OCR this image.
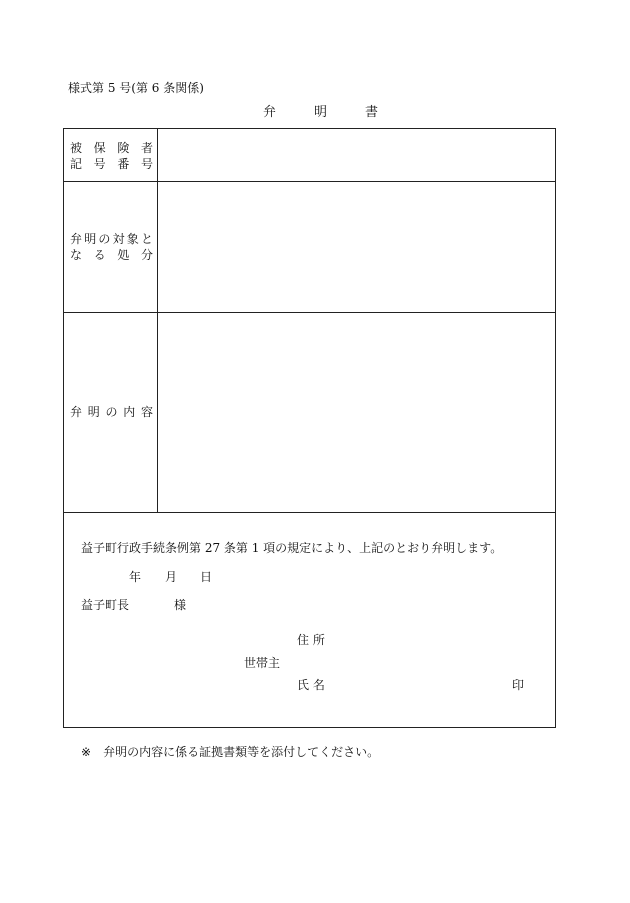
様式第 5 号(第 6 条関係)
弁	明	書
被 保 険 者
記 号 番 号
弁 明 の 対 象 と
な る 処 分
弁 明 の 内 容
益子町行政手続条例第 27 条第 1 項の規定により、上記のとおり弁明します。
年 月 日
益子町長	様
住 所
世帯主
氏 名	印
※ 弁明の内容に係る証拠書類等を添付してください。
